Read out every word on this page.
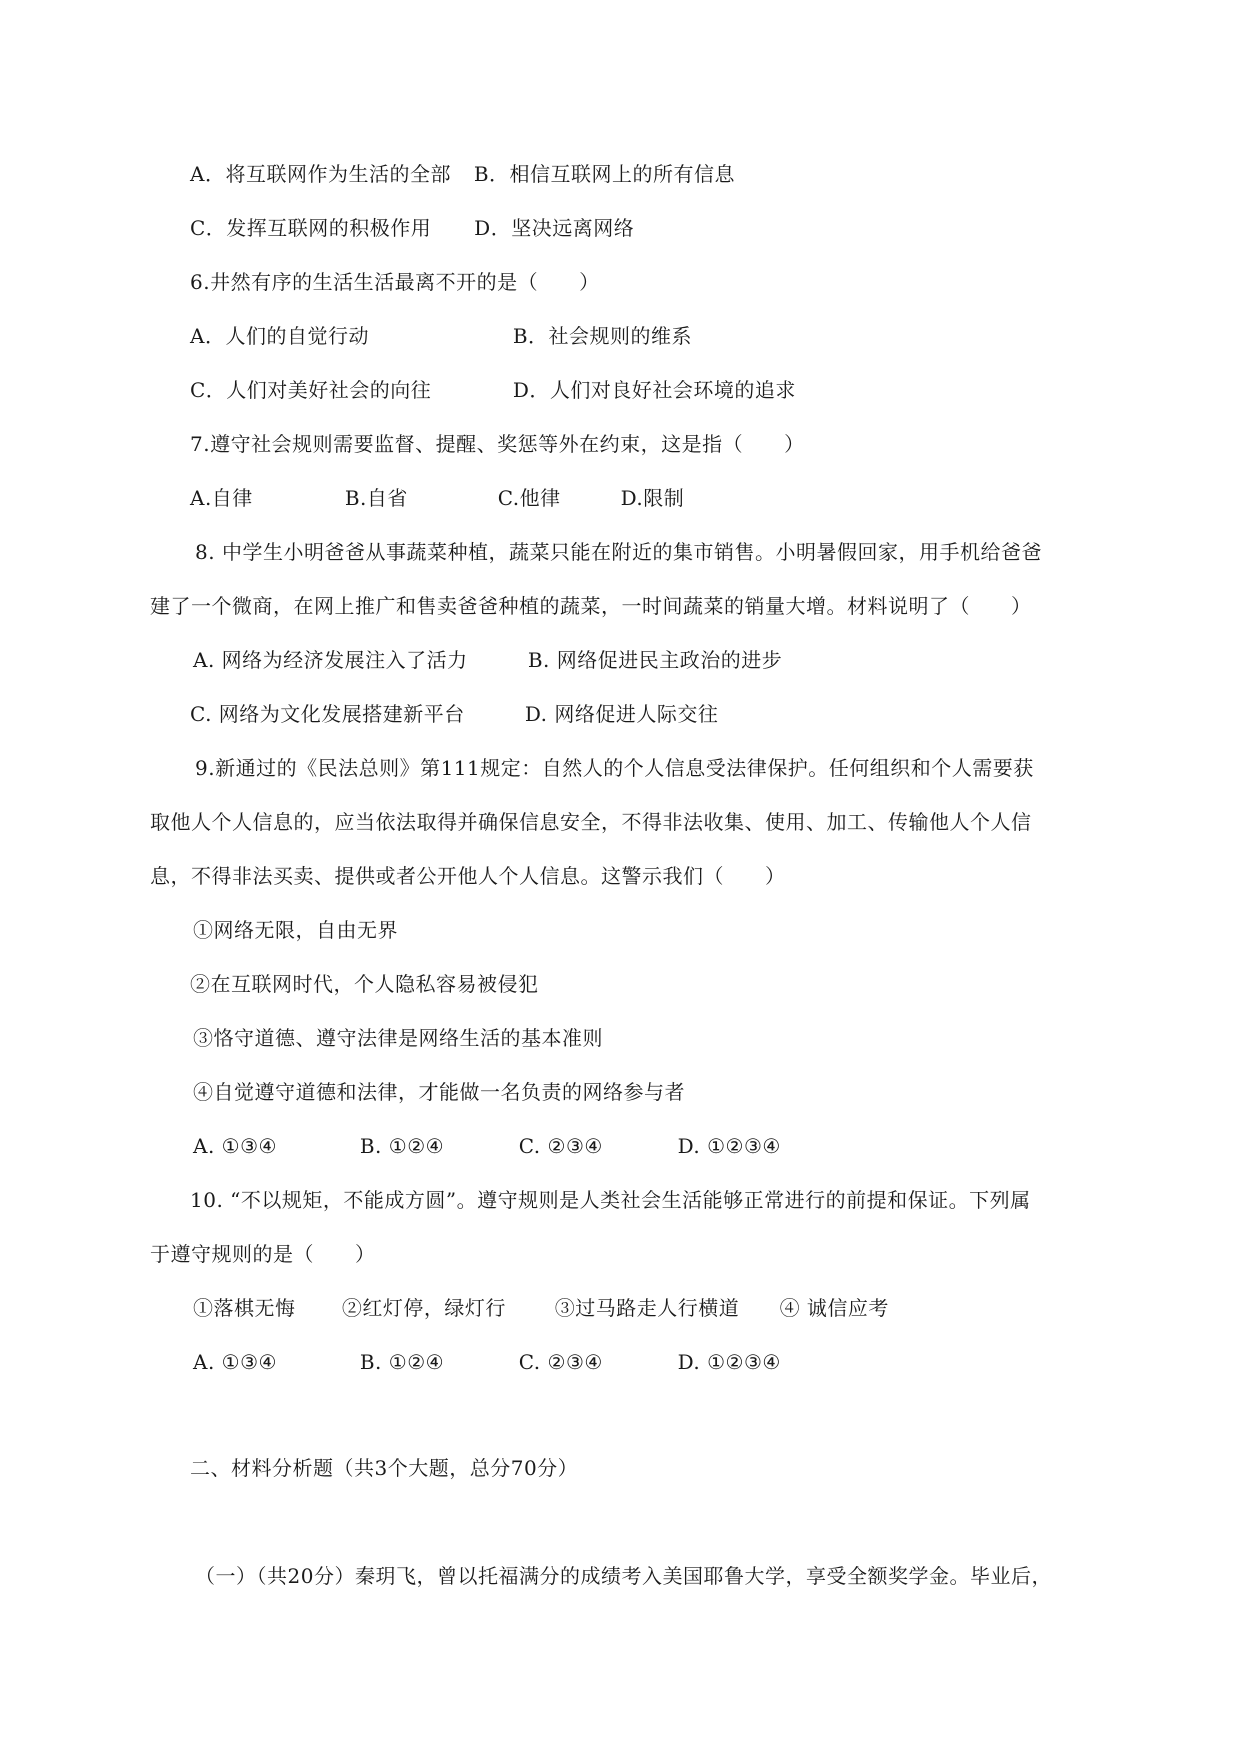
A．将互联网作为生活的全部 B．相信互联网上的所有信息
C．发挥互联网的积极作用 D．坚决远离网络
6.井然有序的生活生活最离不开的是（　　）
A．人们的自觉行动	B．社会规则的维系
C．人们对美好社会的向往	D．人们对良好社会环境的追求
7.遵守社会规则需要监督、提醒、奖惩等外在约束，这是指（　　）
A.自律	B.自省	C.他律	D.限制
8. 中学生小明爸爸从事蔬菜种植，蔬菜只能在附近的集市销售。小明暑假回家，用手机给爸爸
建了一个微商，在网上推广和售卖爸爸种植的蔬菜，一时间蔬菜的销量大增。材料说明了（　　）
A. 网络为经济发展注入了活力	B. 网络促进民主政治的进步
C. 网络为文化发展搭建新平台	D. 网络促进人际交往
9.新通过的《民法总则》第111规定：自然人的个人信息受法律保护。任何组织和个人需要获
取他人个人信息的，应当依法取得并确保信息安全，不得非法收集、使用、加工、传输他人个人信
息，不得非法买卖、提供或者公开他人个人信息。这警示我们（　　）
①网络无限，自由无界
②在互联网时代，个人隐私容易被侵犯
③恪守道德、遵守法律是网络生活的基本准则
④自觉遵守道德和法律，才能做一名负责的网络参与者
A. ①③④	B. ①②④	C. ②③④	D. ①②③④
10. “不以规矩，不能成方圆”。遵守规则是人类社会生活能够正常进行的前提和保证。下列属
于遵守规则的是（　　）
①落棋无悔 ②红灯停，绿灯行 ③过马路走人行横道 ④ 诚信应考
A. ①③④	B. ①②④	C. ②③④	D. ①②③④
二、材料分析题（共3个大题，总分70分）
（一）（共20分）秦玥飞，曾以托福满分的成绩考入美国耶鲁大学，享受全额奖学金。毕业后，
